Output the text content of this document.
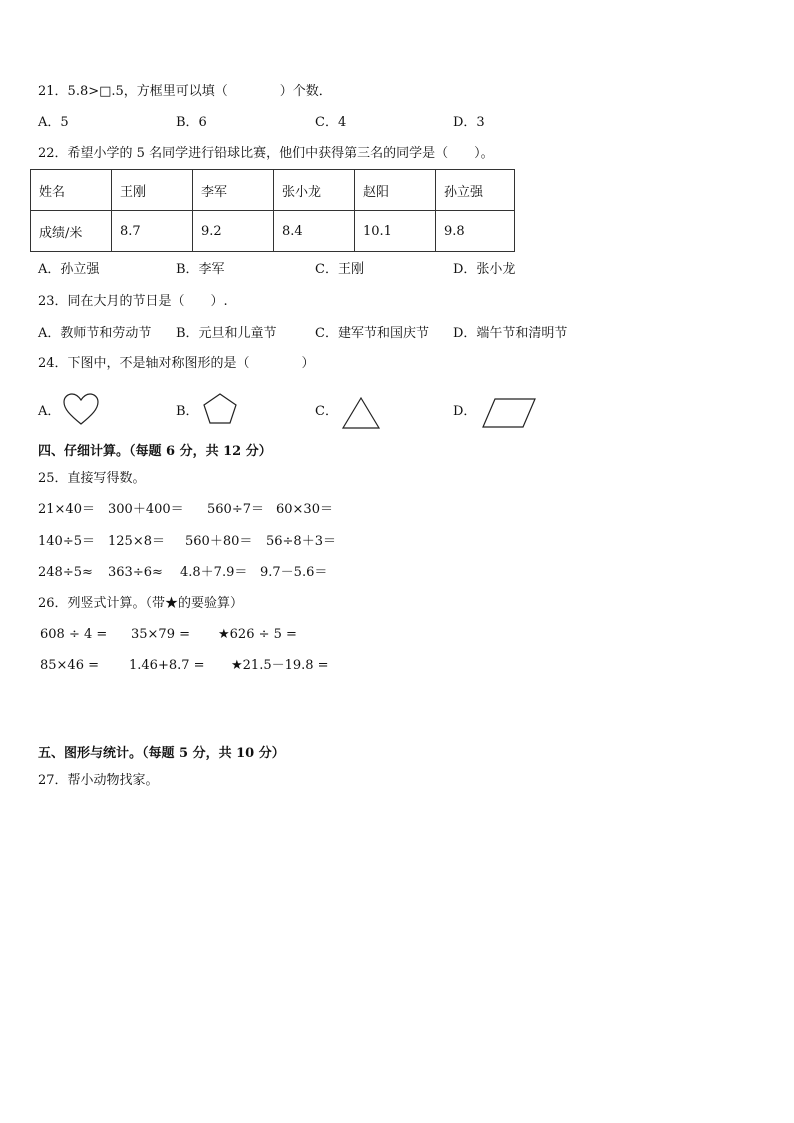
21．5.8>□.5，方框里可以填（　　　　）个数．
A．5	B．6	C．4	D．3
22．希望小学的 5 名同学进行铅球比赛，他们中获得第三名的同学是（　　）。
姓名	王刚	李军	张小龙	赵阳	孙立强
成绩/米	8.7	9.2	8.4	10.1	9.8
A．孙立强	B．李军	C．王刚	D．张小龙
23．同在大月的节日是（　　）.
A．教师节和劳动节 B．元旦和儿童节	C．建军节和国庆节 D．端午节和清明节
24．下图中，不是轴对称图形的是（　　　　）
A．	B．	C．	D．
四、仔细计算。（每题 6 分，共 12 分）
25．直接写得数。
21×40＝ 300＋400＝ 560÷7＝ 60×30＝
140÷5＝ 125×8＝ 560＋80＝ 56÷8＋3＝
248÷5≈ 363÷6≈ 4.8＋7.9＝ 9.7－5.6＝
26．列竖式计算。（带★的要验算）
608 ÷ 4 = 35×79 = ★626 ÷ 5 =
85×46 = 1.46+8.7 = ★21.5－19.8 =
五、图形与统计。（每题 5 分，共 10 分）
27．帮小动物找家。
